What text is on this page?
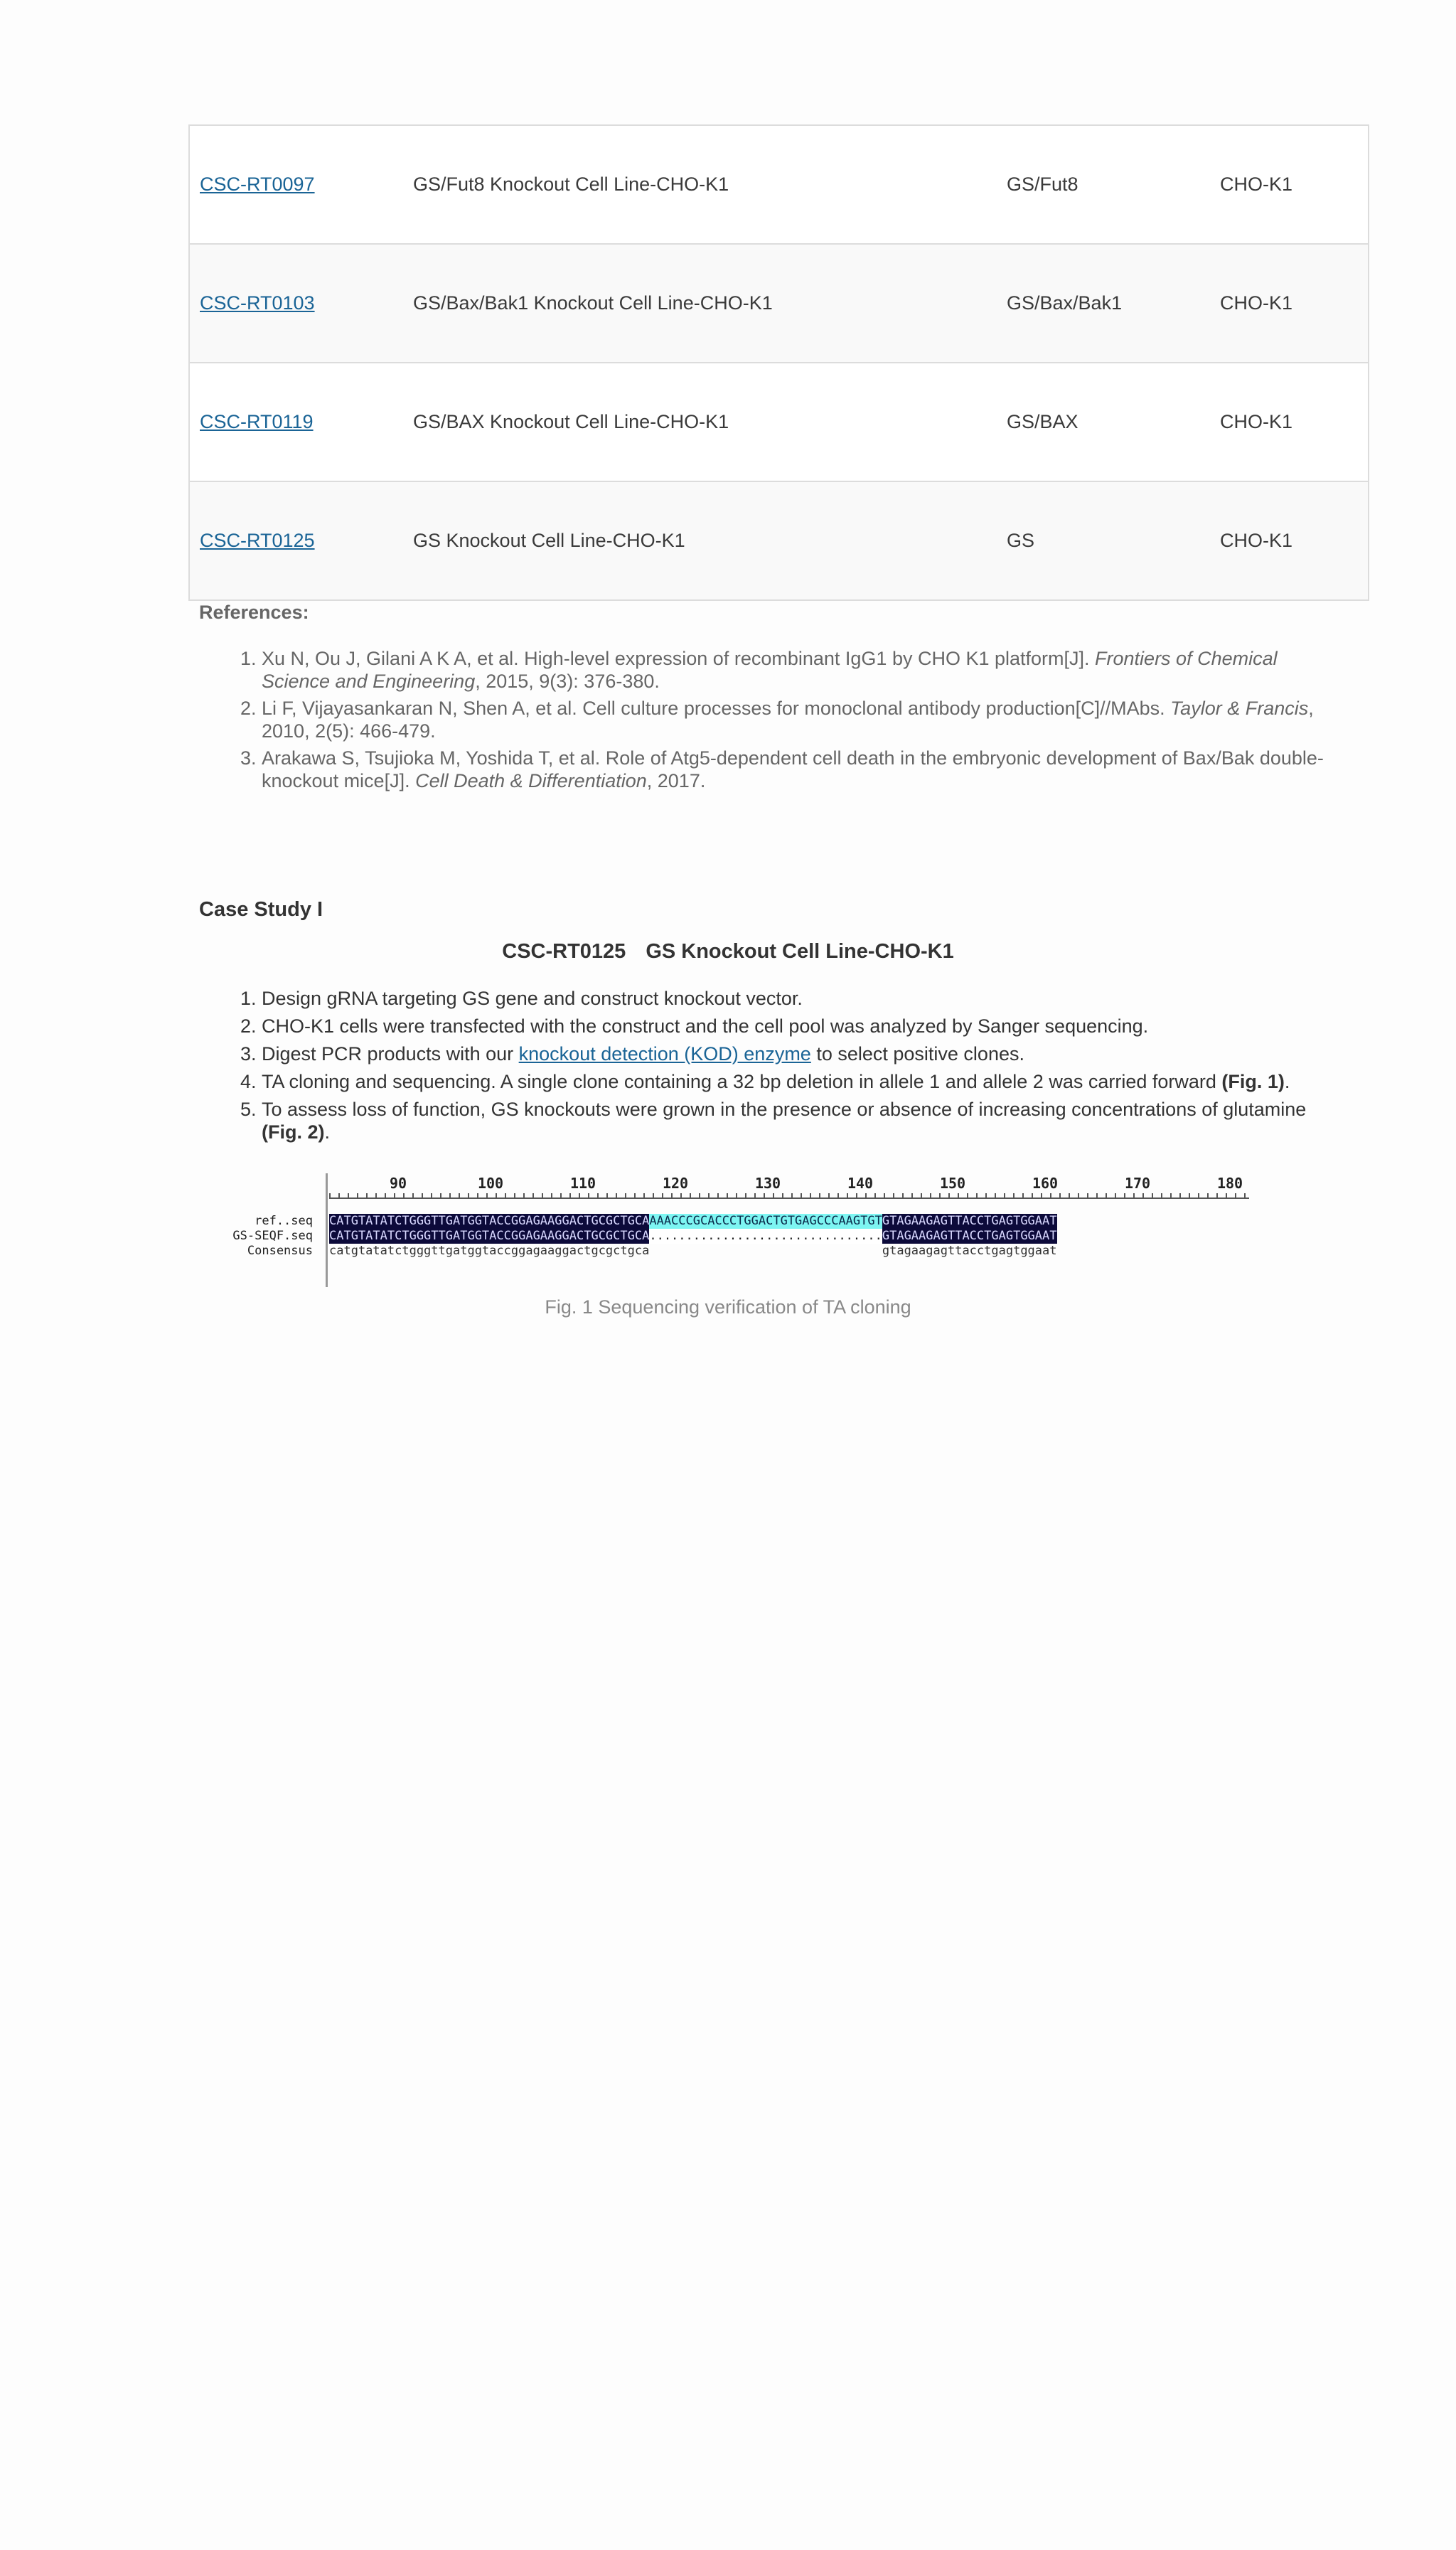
CSC-RT0097	GS/Fut8 Knockout Cell Line-CHO-K1	GS/Fut8	CHO-K1
CSC-RT0103	GS/Bax/Bak1 Knockout Cell Line-CHO-K1	GS/Bax/Bak1	CHO-K1
CSC-RT0119	GS/BAX Knockout Cell Line-CHO-K1	GS/BAX	CHO-K1
CSC-RT0125	GS Knockout Cell Line-CHO-K1	GS	CHO-K1
References:
1. Xu N, Ou J, Gilani A K A, et al. High-level expression of recombinant IgG1 by CHO K1 platform[J]. Frontiers of Chemical Science and Engineering, 2015, 9(3): 376-380.
2. Li F, Vijayasankaran N, Shen A, et al. Cell culture processes for monoclonal antibody production[C]//MAbs. Taylor & Francis, 2010, 2(5): 466-479.
3. Arakawa S, Tsujioka M, Yoshida T, et al. Role of Atg5-dependent cell death in the embryonic development of Bax/Bak double-knockout mice[J]. Cell Death & Differentiation, 2017.
Case Study I
CSC-RT0125 GS Knockout Cell Line-CHO-K1
1. Design gRNA targeting GS gene and construct knockout vector.
2. CHO-K1 cells were transfected with the construct and the cell pool was analyzed by Sanger sequencing.
3. Digest PCR products with our knockout detection (KOD) enzyme to select positive clones.
4. TA cloning and sequencing. A single clone containing a 32 bp deletion in allele 1 and allele 2 was carried forward (Fig. 1).
5. To assess loss of function, GS knockouts were grown in the presence or absence of increasing concentrations of glutamine (Fig. 2).
ref..seq
GS-SEQF.seq
Consensus
90	100	110	120	130	140	150	160	170	180
CATGTATATCTGGGTTGATGGTACCGGAGAAGGACTGCGCTGCAAAACCCGCACCCTGGACTGTGAGCCCAAGTGTGTAGAAGAGTTACCTGAGTGGAAT
CATGTATATCTGGGTTGATGGTACCGGAGAAGGACTGCGCTGCA................................GTAGAAGAGTTACCTGAGTGGAAT
catgtatatctgggttgatggtaccggagaaggactgcgctgca	gtagaagagttacctgagtggaat
Fig. 1 Sequencing verification of TA cloning
